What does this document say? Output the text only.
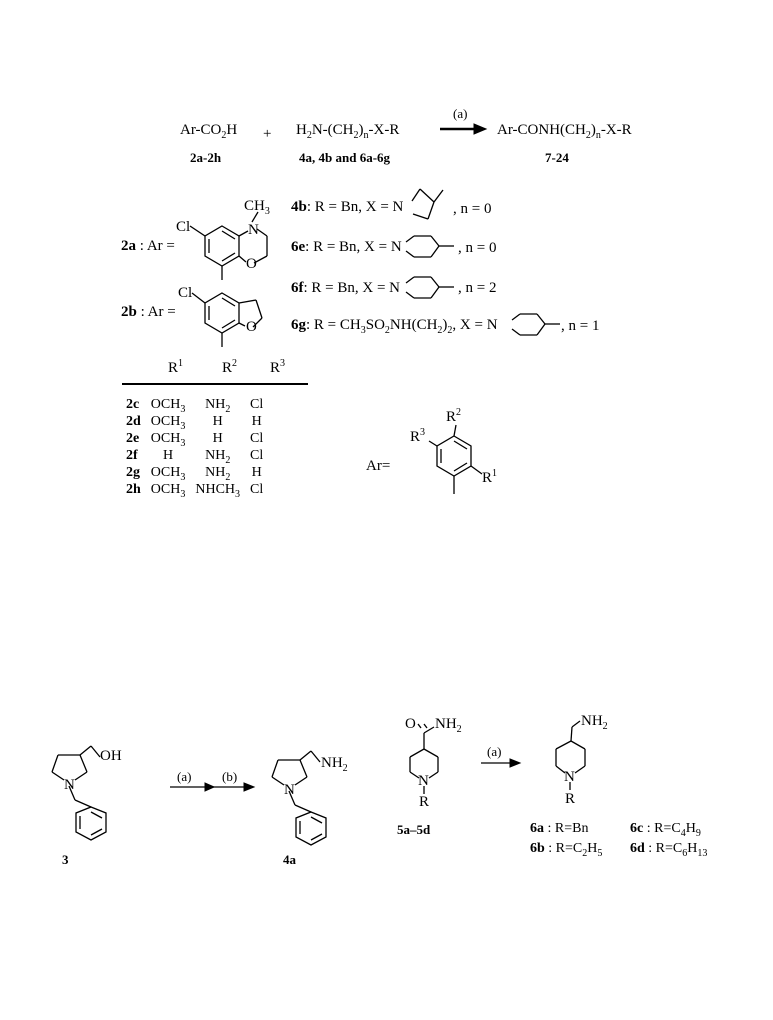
$Ar-CO_2H$
2a-2h
+ $H_2N-(CH_2)_n-X-R$
4a, 4b and 6a-6g
(a)
$Ar-CONH(CH_2)_n-X-R$
7-24
2a : Ar =
Cl	N
O
$CH_3$
2b : Ar =
Cl
O
4b: R = Bn, X = N	, n = 0
6e: R = Bn, X = N	, n = 0
6f: R = Bn, X = N	, n = 2
6g: $R = CH_3SO_2NH(CH_2)_2$, X = N	, n = 1
$R^1$	$R^2$ $R^3$
2c	$OCH_3$	$NH_2$	Cl
2d	$OCH_3$	H	H
2e	$OCH_3$	H	Cl
2f	H	$NH_2$	Cl
2g	$OCH_3$	$NH_2$	H
2h	$OCH_3$	$NHCH_3$	Cl
Ar=
$R^2$
$R^3$
$R^1$
OH
N
3
(a) (b)
$NH_2$
N
4a
O $NH_2$
N
R
5a–5d
(a)
$NH_2$
N
R
6a : R=Bn	6c : $R=C_4H_9$
6b : $R=C_2H_5$ 6d : $R=C_6H_{13}$
